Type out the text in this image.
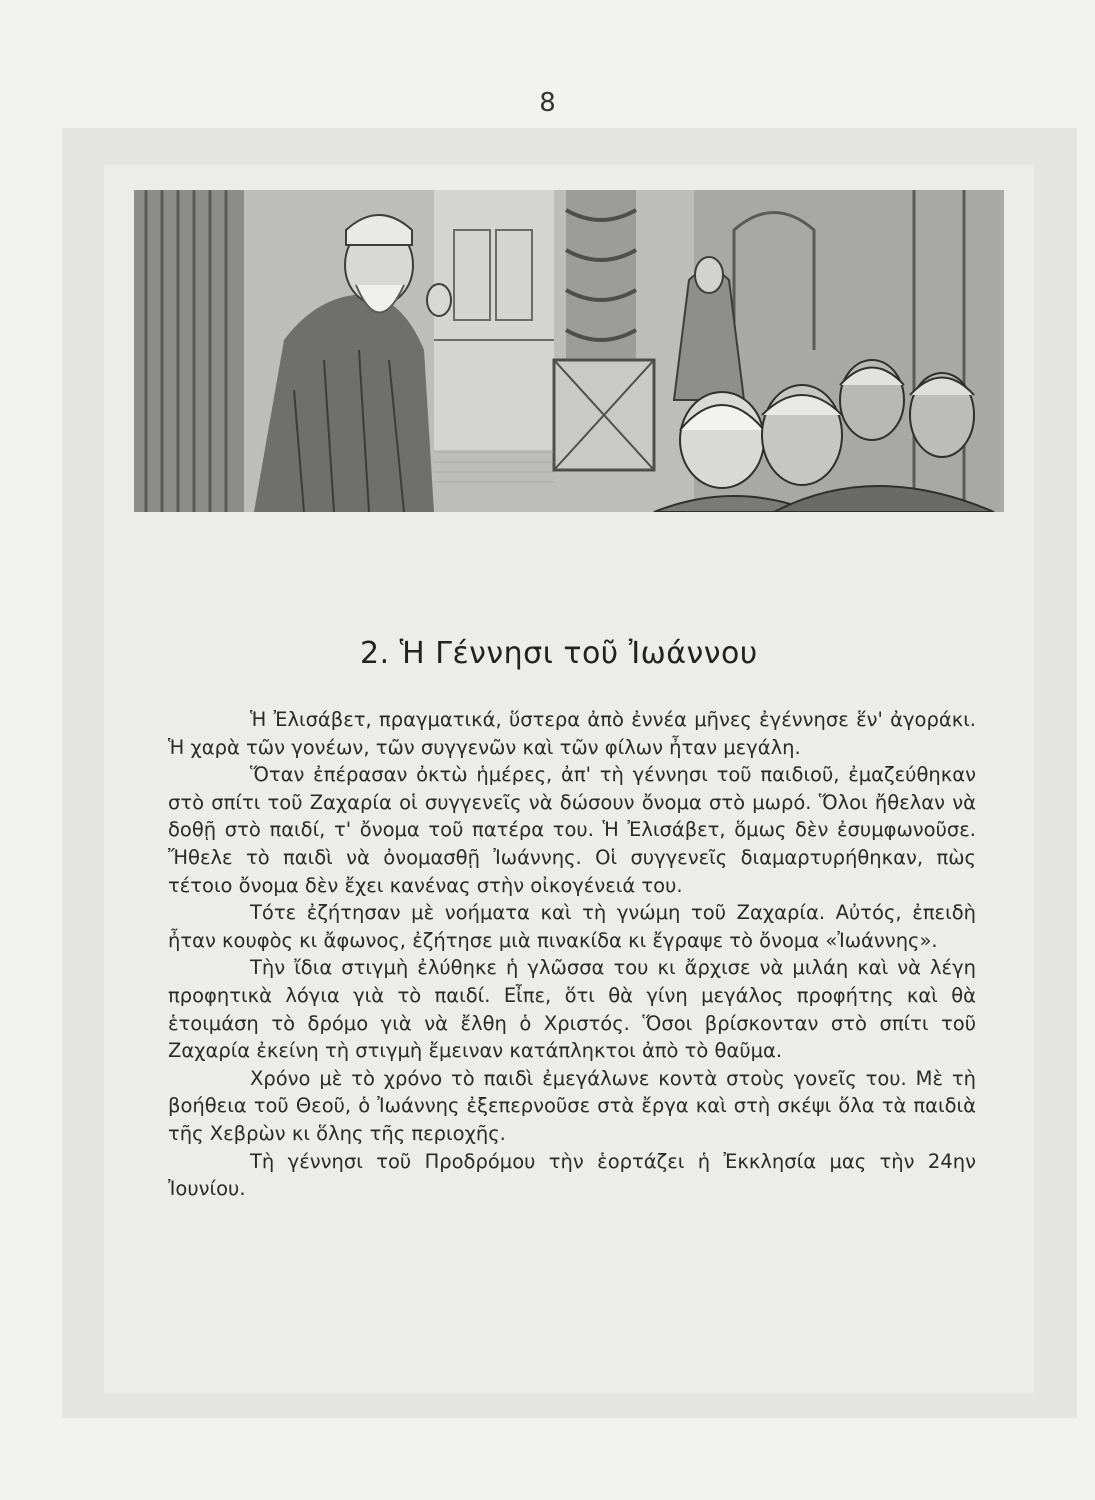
8
2. Ἡ Γέννησι τοῦ Ἰωάννου

Ἡ Ἐλισάβετ, πραγματικά, ὕστερα ἀπὸ ἐννέα μῆνες ἐγέννησε ἕν' ἀγοράκι. Ἡ χαρὰ τῶν γονέων, τῶν συγγενῶν καὶ τῶν φίλων ἦταν μεγάλη.

Ὅταν ἐπέρασαν ὀκτὼ ἡμέρες, ἀπ' τὴ γέννησι τοῦ παιδιοῦ, ἐμαζεύθηκαν στὸ σπίτι τοῦ Ζαχαρία οἱ συγγενεῖς νὰ δώσουν ὄνομα στὸ μωρό. Ὅλοι ἤθελαν νὰ δοθῇ στὸ παιδί, τ' ὄνομα τοῦ πατέρα του. Ἡ Ἐλισάβετ, ὅμως δὲν ἐσυμφωνοῦσε. Ἤθελε τὸ παιδὶ νὰ ὀνομασθῇ Ἰωάννης. Οἱ συγγενεῖς διαμαρτυρήθηκαν, πὼς τέτοιο ὄνομα δὲν ἔχει κανένας στὴν οἰκογένειά του.

Τότε ἐζήτησαν μὲ νοήματα καὶ τὴ γνώμη τοῦ Ζαχαρία. Αὐτός, ἐπειδὴ ἦταν κουφὸς κι ἄφωνος, ἐζήτησε μιὰ πινακίδα κι ἔγραψε τὸ ὄνομα «Ἰωάννης».

Τὴν ἴδια στιγμὴ ἐλύθηκε ἡ γλῶσσα του κι ἄρχισε νὰ μιλάη καὶ νὰ λέγη προφητικὰ λόγια γιὰ τὸ παιδί. Εἶπε, ὅτι θὰ γίνη μεγάλος προφήτης καὶ θὰ ἑτοιμάση τὸ δρόμο γιὰ νὰ ἔλθη ὁ Χριστός. Ὅσοι βρίσκονταν στὸ σπίτι τοῦ Ζαχαρία ἐκείνη τὴ στιγμὴ ἔμειναν κατάπληκτοι ἀπὸ τὸ θαῦμα.

Χρόνο μὲ τὸ χρόνο τὸ παιδὶ ἐμεγάλωνε κοντὰ στοὺς γονεῖς του. Μὲ τὴ βοήθεια τοῦ Θεοῦ, ὁ Ἰωάννης ἐξεπερνοῦσε στὰ ἔργα καὶ στὴ σκέψι ὅλα τὰ παιδιὰ τῆς Χεβρὼν κι ὅλης τῆς περιοχῆς.

Τὴ γέννησι τοῦ Προδρόμου τὴν ἑορτάζει ἡ Ἐκκλησία μας τὴν 24ην Ἰουνίου.
